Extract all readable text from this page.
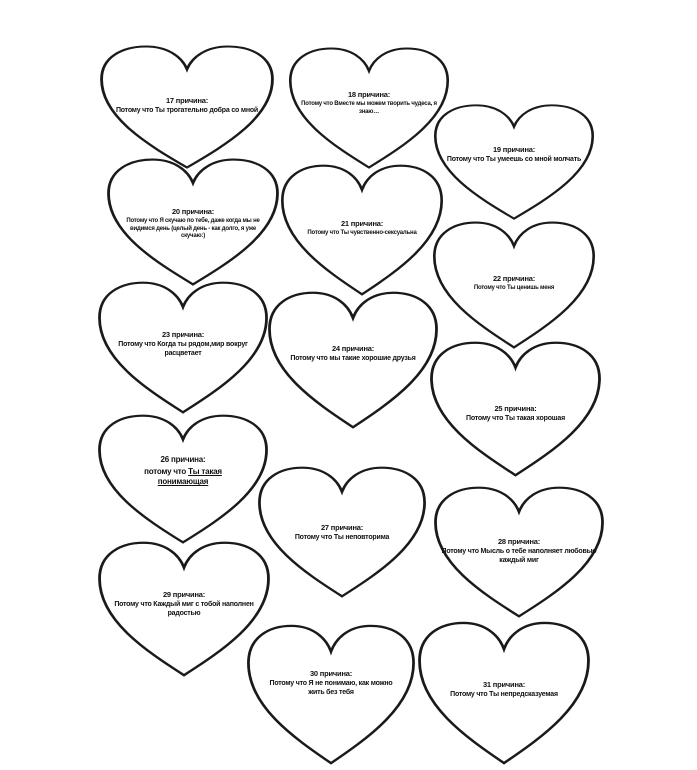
17 причина:
Потому что Ты трогательно добра со мной
18 причина:
Потому что Вместе мы можем творить чудеса, я знаю…
19 причина:
Потому что Ты умеешь со мной молчать
20 причина:
Потому что Я скучаю по тебе, даже когда мы не видимся день (целый день - как долго, я уже скучаю:)
21 причина:
Потому что Ты чувственно-сексуальна
22 причина:
Потому что Ты ценишь меня
23 причина:
Потому что Когда ты рядом,мир вокруг расцветает
24 причина:
Потому что мы такие хорошие друзья
25 причина:
Потому что Ты такая хорошая
26 причина:
потому что Ты такая понимающая
27 причина:
Потому что Ты неповторима	28 причина:
Потому что Мысль о тебе наполняет любовью каждый миг
29 причина:
Потому что Каждый миг с тобой наполнен радостью
30 причина:
Потому что Я не понимаю, как можно жить без тебя
31 причина:
Потому что Ты непредсказуемая
